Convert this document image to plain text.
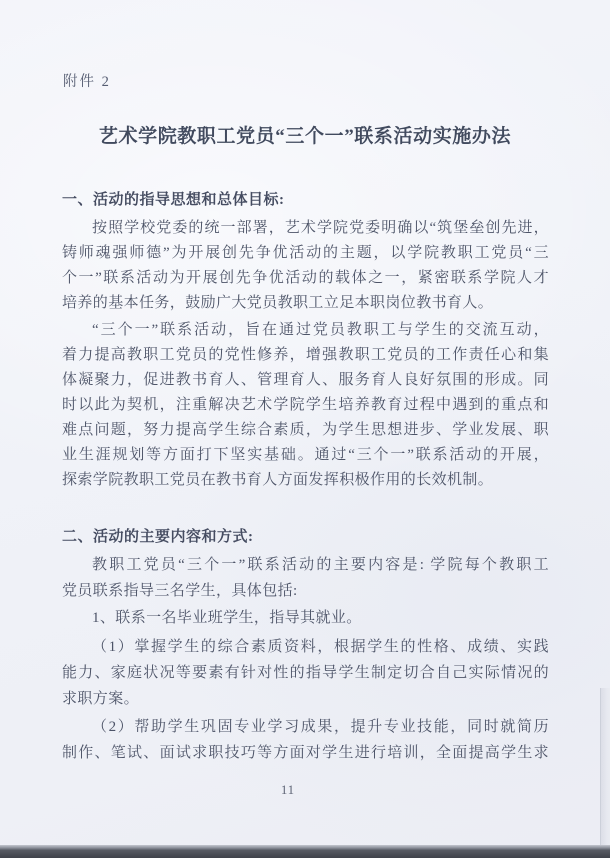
附件 2
艺术学院教职工党员“三个一”联系活动实施办法
一、活动的指导思想和总体目标:
按照学校党委的统一部署，艺术学院党委明确以“筑堡垒创先进，
铸师魂强师德”为开展创先争优活动的主题，以学院教职工党员“三
个一”联系活动为开展创先争优活动的载体之一，紧密联系学院人才
培养的基本任务，鼓励广大党员教职工立足本职岗位教书育人。
“三个一”联系活动，旨在通过党员教职工与学生的交流互动，
着力提高教职工党员的党性修养，增强教职工党员的工作责任心和集
体凝聚力，促进教书育人、管理育人、服务育人良好氛围的形成。同
时以此为契机，注重解决艺术学院学生培养教育过程中遇到的重点和
难点问题，努力提高学生综合素质，为学生思想进步、学业发展、职
业生涯规划等方面打下坚实基础。通过“三个一”联系活动的开展，
探索学院教职工党员在教书育人方面发挥积极作用的长效机制。
二、活动的主要内容和方式:
教职工党员“三个一”联系活动的主要内容是: 学院每个教职工
党员联系指导三名学生，具体包括:
1、联系一名毕业班学生，指导其就业。
（1）掌握学生的综合素质资料，根据学生的性格、成绩、实践
能力、家庭状况等要素有针对性的指导学生制定切合自己实际情况的
求职方案。
（2）帮助学生巩固专业学习成果，提升专业技能，同时就简历
制作、笔试、面试求职技巧等方面对学生进行培训，全面提高学生求
11
